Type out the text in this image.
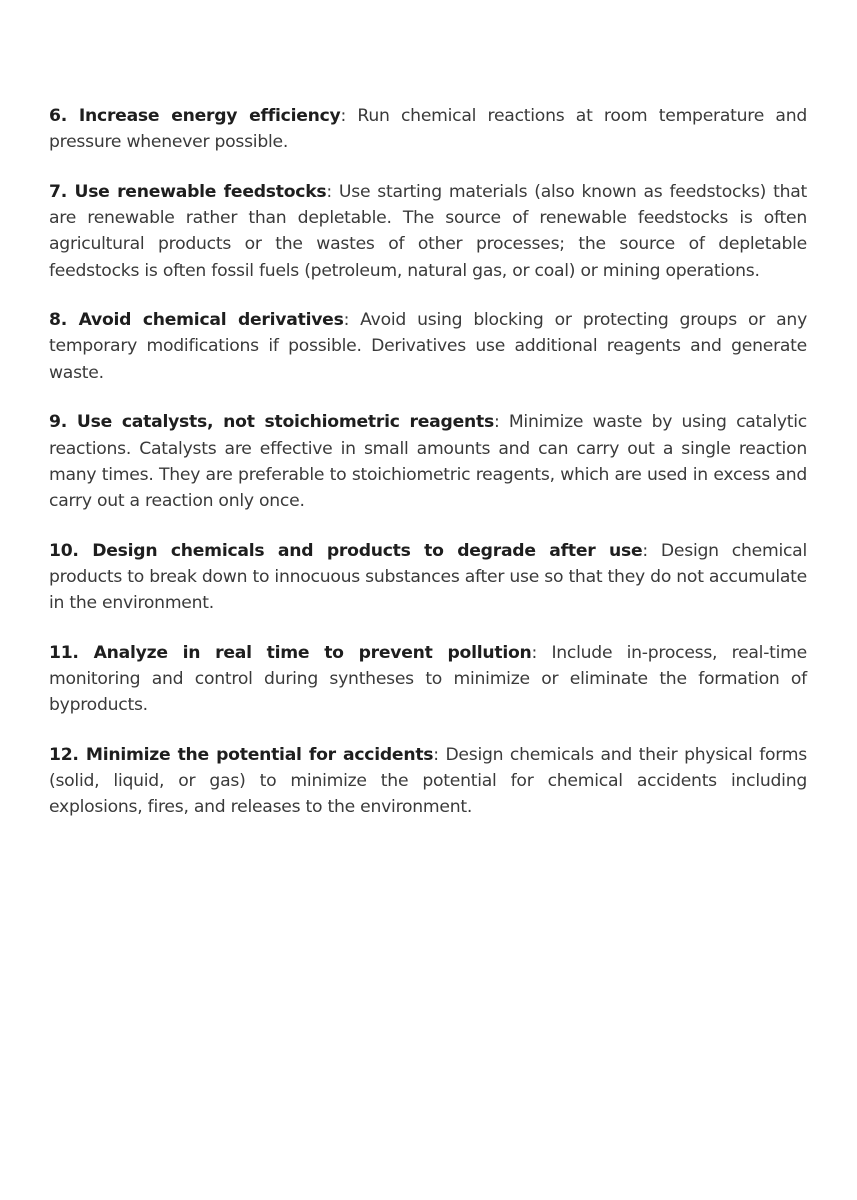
6. Increase energy efficiency: Run chemical reactions at room temperature and pressure whenever possible.

7. Use renewable feedstocks: Use starting materials (also known as feedstocks) that are renewable rather than depletable. The source of renewable feedstocks is often agricultural products or the wastes of other processes; the source of depletable feedstocks is often fossil fuels (petroleum, natural gas, or coal) or mining operations.

8. Avoid chemical derivatives: Avoid using blocking or protecting groups or any temporary modifications if possible. Derivatives use additional reagents and generate waste.

9. Use catalysts, not stoichiometric reagents: Minimize waste by using catalytic reactions. Catalysts are effective in small amounts and can carry out a single reaction many times. They are preferable to stoichiometric reagents, which are used in excess and carry out a reaction only once.

10. Design chemicals and products to degrade after use: Design chemical products to break down to innocuous substances after use so that they do not accumulate in the environment.

11. Analyze in real time to prevent pollution: Include in-process, real-time monitoring and control during syntheses to minimize or eliminate the formation of byproducts.

12. Minimize the potential for accidents: Design chemicals and their physical forms (solid, liquid, or gas) to minimize the potential for chemical accidents including explosions, fires, and releases to the environment.
